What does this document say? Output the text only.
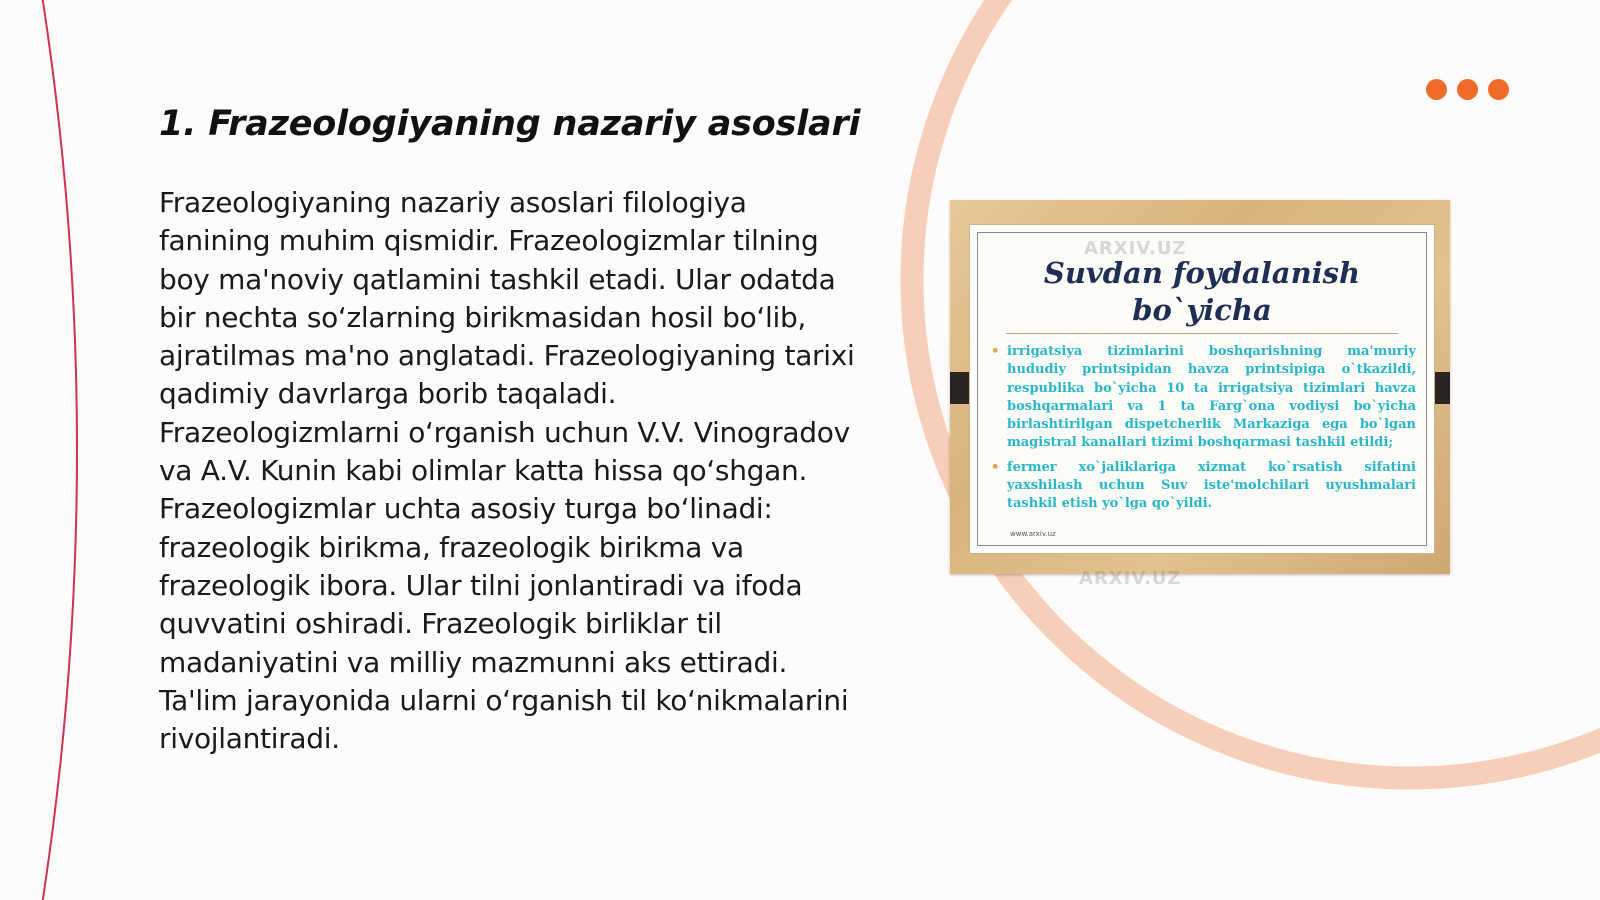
1. Frazeologiyaning nazariy asoslari

Frazeologiyaning nazariy asoslari filologiya fanining muhim qismidir. Frazeologizmlar tilning boy ma'noviy qatlamini tashkil etadi. Ular odatda bir nechta so‘zlarning birikmasidan hosil bo‘lib, ajratilmas ma'no anglatadi. Frazeologiyaning tarixi qadimiy davrlarga borib taqaladi. Frazeologizmlarni o‘rganish uchun V.V. Vinogradov va A.V. Kunin kabi olimlar katta hissa qo‘shgan. Frazeologizmlar uchta asosiy turga bo‘linadi: frazeologik birikma, frazeologik birikma va frazeologik ibora. Ular tilni jonlantiradi va ifoda quvvatini oshiradi. Frazeologik birliklar til madaniyatini va milliy mazmunni aks ettiradi. Ta'lim jarayonida ularni o‘rganish til ko‘nikmalarini rivojlantiradi.

ARXIV.UZ
Suvdan foydalanish bo`yicha
• irrigatsiya tizimlarini boshqarishning ma'muriy hududiy printsipidan havza printsipiga o`tkazildi, respublika bo`yicha 10 ta irrigatsiya tizimlari havza boshqarmalari va 1 ta Farg`ona vodiysi bo`yicha birlashtirilgan dispetcherlik Markaziga ega bo`lgan magistral kanallari tizimi boshqarmasi tashkil etildi;
• fermer xo`jaliklariga xizmat ko`rsatish sifatini yaxshilash uchun Suv iste'molchilari uyushmalari tashkil etish yo`lga qo`yildi.
www.arxiv.uz
ARXIV.UZ
